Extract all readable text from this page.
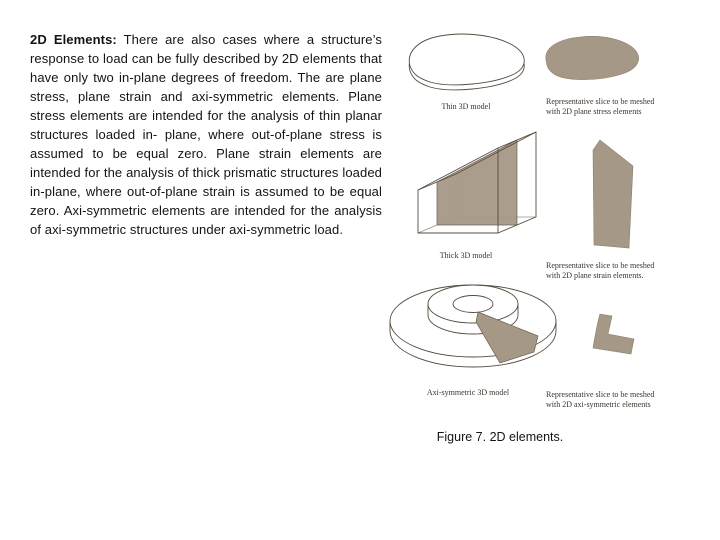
2D Elements: There are also cases where a structure’s response to load can be fully described by 2D elements that have only two in-plane degrees of freedom. The are plane stress, plane strain and axi-symmetric elements. Plane stress elements are intended for the analysis of thin planar structures loaded in- plane, where out-of-plane stress is assumed to be equal zero. Plane strain elements are intended for the analysis of thick prismatic structures loaded in-plane, where out-of-plane strain is assumed to be equal zero. Axi-symmetric elements are intended for the analysis of axi-symmetric structures under axi-symmetric load.

Thin 3D model
Representative slice to be meshed with 2D plane stress elements
Thick 3D model
Representative slice to be meshed with 2D plane strain elements.
Axi-symmetric 3D model	Representative slice to be meshed with 2D axi-symmetric elements
Figure 7. 2D elements.
